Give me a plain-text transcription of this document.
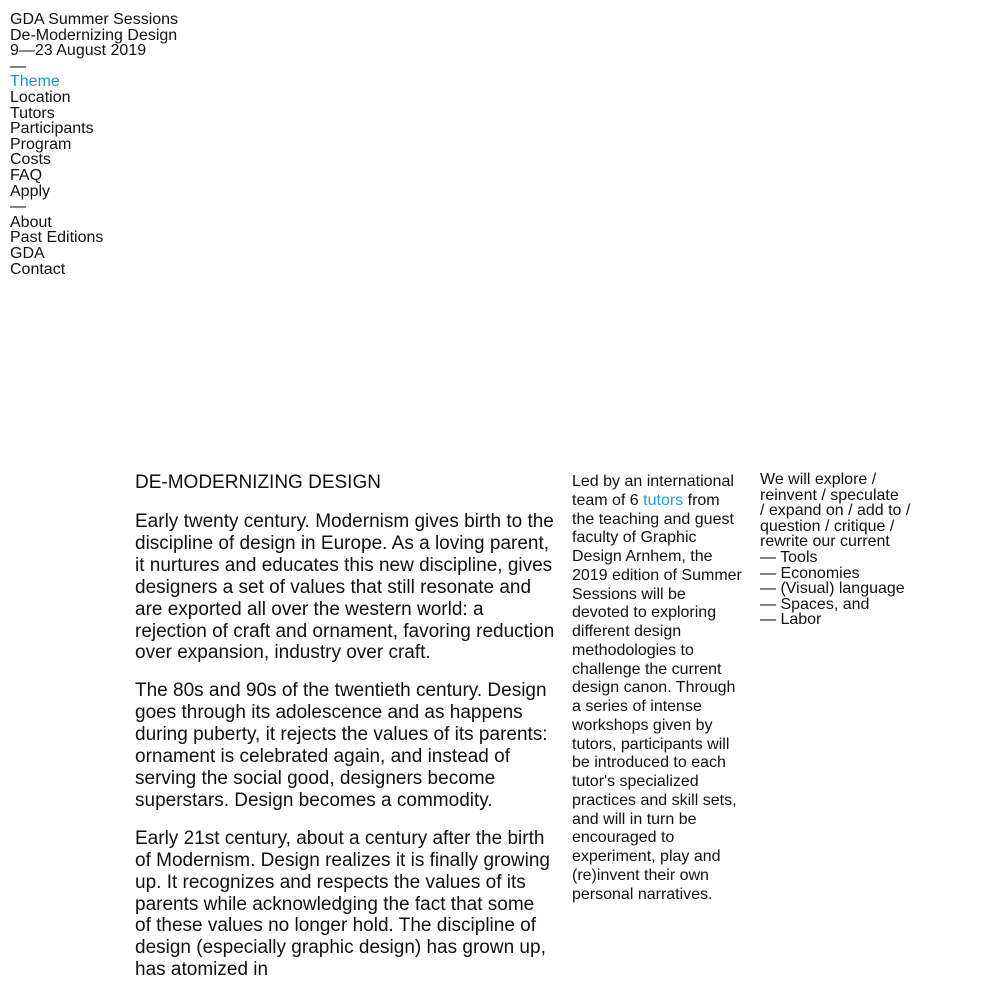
GDA Summer Sessions
De-Modernizing Design
9—23 August 2019
—
Theme
Location
Tutors
Participants
Program
Costs
FAQ
Apply
—
About
Past Editions
GDA
Contact
DE-MODERNIZING DESIGN

Early twenty century. Modernism gives birth to the discipline of design in Europe. As a loving parent, it nurtures and educates this new discipline, gives designers a set of values that still resonate and are exported all over the western world: a rejection of craft and ornament, favoring reduction over expansion, industry over craft.

The 80s and 90s of the twentieth century. Design goes through its adolescence and as happens during puberty, it rejects the values of its parents: ornament is celebrated again, and instead of serving the social good, designers become superstars. Design becomes a commodity.

Early 21st century, about a century after the birth of Modernism. Design realizes it is finally growing up. It recognizes and respects the values of its parents while acknowledging the fact that some of these values no longer hold. The discipline of design (especially graphic design) has grown up, has atomized in

Led by an international team of 6 tutors from the teaching and guest faculty of Graphic Design Arnhem, the 2019 edition of Summer Sessions will be devoted to exploring different design methodologies to challenge the current design canon. Through a series of intense workshops given by tutors, participants will be introduced to each tutor's specialized practices and skill sets, and will in turn be encouraged to experiment, play and (re)invent their own personal narratives.
We will explore /
reinvent / speculate
/ expand on / add to /
question / critique /
rewrite our current
— Tools
— Economies
— (Visual) language
— Spaces, and
— Labor
